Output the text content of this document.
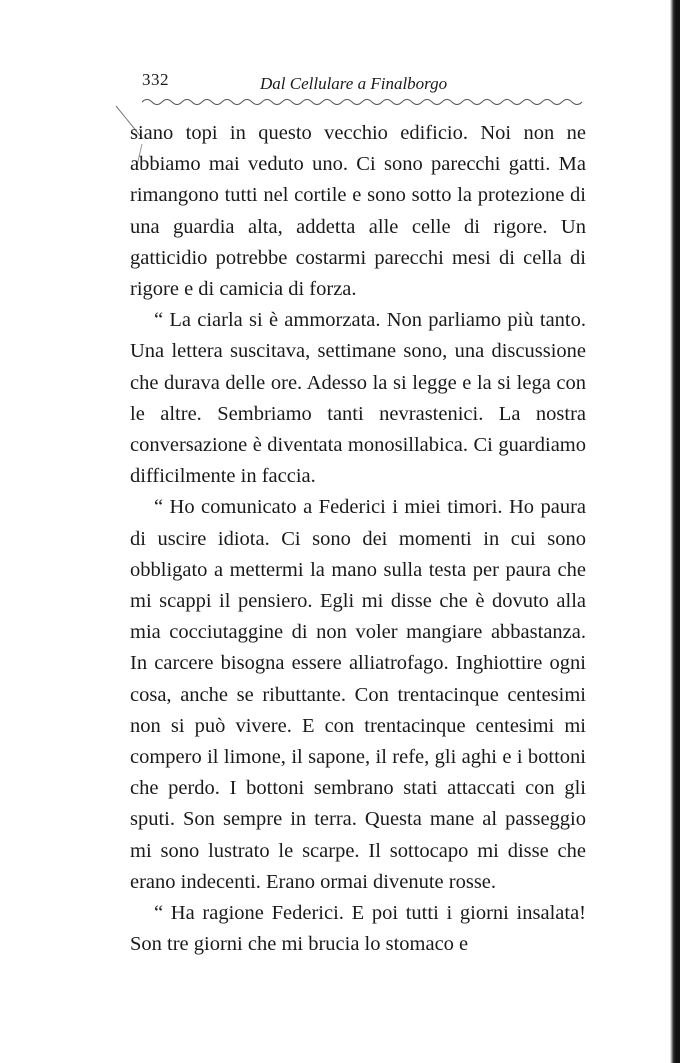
332	Dal Cellulare a Finalborgo

siano topi in questo vecchio edificio. Noi non ne abbiamo mai veduto uno. Ci sono parecchi gatti. Ma rimangono tutti nel cortile e sono sotto la protezione di una guardia alta, addetta alle celle di rigore. Un gatticidio potrebbe costarmi parecchi mesi di cella di rigore e di camicia di forza.

“ La ciarla si è ammorzata. Non parliamo più tanto. Una lettera suscitava, settimane sono, una discussione che durava delle ore. Adesso la si legge e la si lega con le altre. Sembriamo tanti nevrastenici. La nostra conversazione è diventata monosillabica. Ci guardiamo difficilmente in faccia.

“ Ho comunicato a Federici i miei timori. Ho paura di uscire idiota. Ci sono dei momenti in cui sono obbligato a mettermi la mano sulla testa per paura che mi scappi il pensiero. Egli mi disse che è dovuto alla mia cocciutaggine di non voler mangiare abbastanza. In carcere bisogna essere alliatrofago. Inghiottire ogni cosa, anche se ributtante. Con trentacinque centesimi non si può vivere. E con trentacinque centesimi mi compero il limone, il sapone, il refe, gli aghi e i bottoni che perdo. I bottoni sembrano stati attaccati con gli sputi. Son sempre in terra. Questa mane al passeggio mi sono lustrato le scarpe. Il sottocapo mi disse che erano indecenti. Erano ormai divenute rosse.

“ Ha ragione Federici. E poi tutti i giorni insalata! Son tre giorni che mi brucia lo stomaco e
